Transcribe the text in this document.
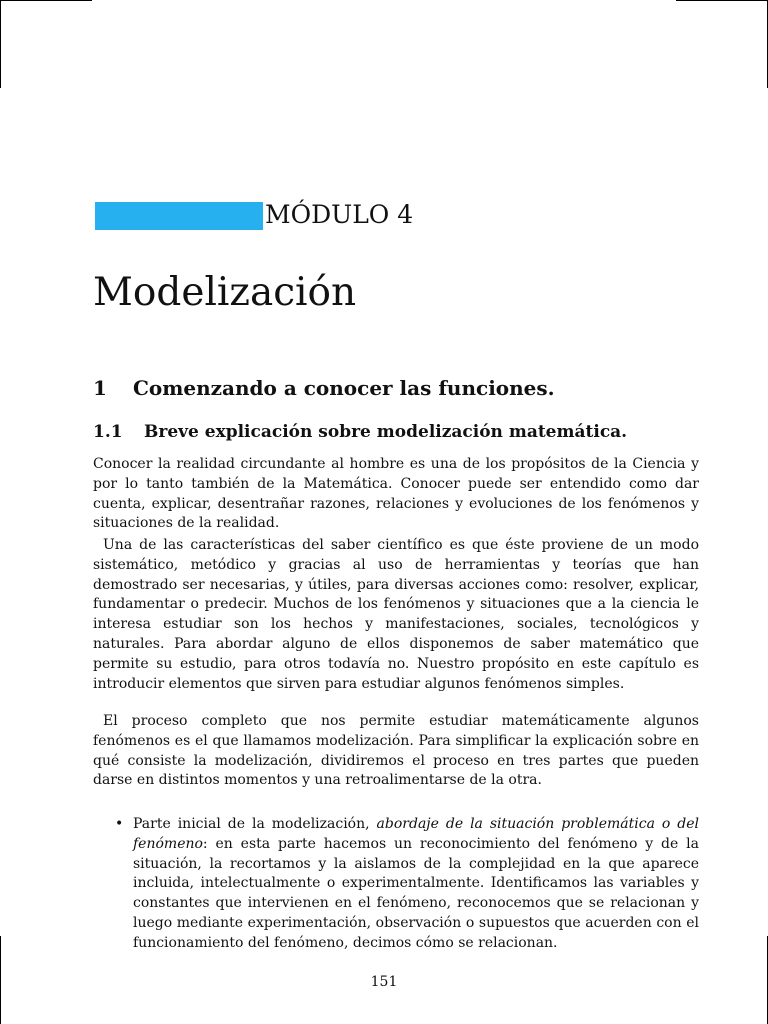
MÓDULO 4
Modelización
1 Comenzando a conocer las funciones.
1.1 Breve explicación sobre modelización matemática.

Conocer la realidad circundante al hombre es una de los propósitos de la Ciencia y por lo tanto también de la Matemática. Conocer puede ser entendido como dar cuenta, explicar, desentrañar razones, relaciones y evoluciones de los fenómenos y situaciones de la realidad.

Una de las características del saber científico es que éste proviene de un modo sistemático, metódico y gracias al uso de herramientas y teorías que han demostrado ser necesarias, y útiles, para diversas acciones como: resolver, explicar, fundamentar o predecir. Muchos de los fenómenos y situaciones que a la ciencia le interesa estudiar son los hechos y manifestaciones, sociales, tecnológicos y naturales. Para abordar alguno de ellos disponemos de saber matemático que permite su estudio, para otros todavía no. Nuestro propósito en este capítulo es introducir elementos que sirven para estudiar algunos fenómenos simples.

El proceso completo que nos permite estudiar matemáticamente algunos fenómenos es el que llamamos modelización. Para simplificar la explicación sobre en qué consiste la modelización, dividiremos el proceso en tres partes que pueden darse en distintos momentos y una retroalimentarse de la otra.

• Parte inicial de la modelización, abordaje de la situación problemática o del fenómeno: en esta parte hacemos un reconocimiento del fenómeno y de la situación, la recortamos y la aislamos de la complejidad en la que aparece incluida, intelectualmente o experimentalmente. Identificamos las variables y constantes que intervienen en el fenómeno, reconocemos que se relacionan y luego mediante experimentación, observación o supuestos que acuerden con el funcionamiento del fenómeno, decimos cómo se relacionan.
151
